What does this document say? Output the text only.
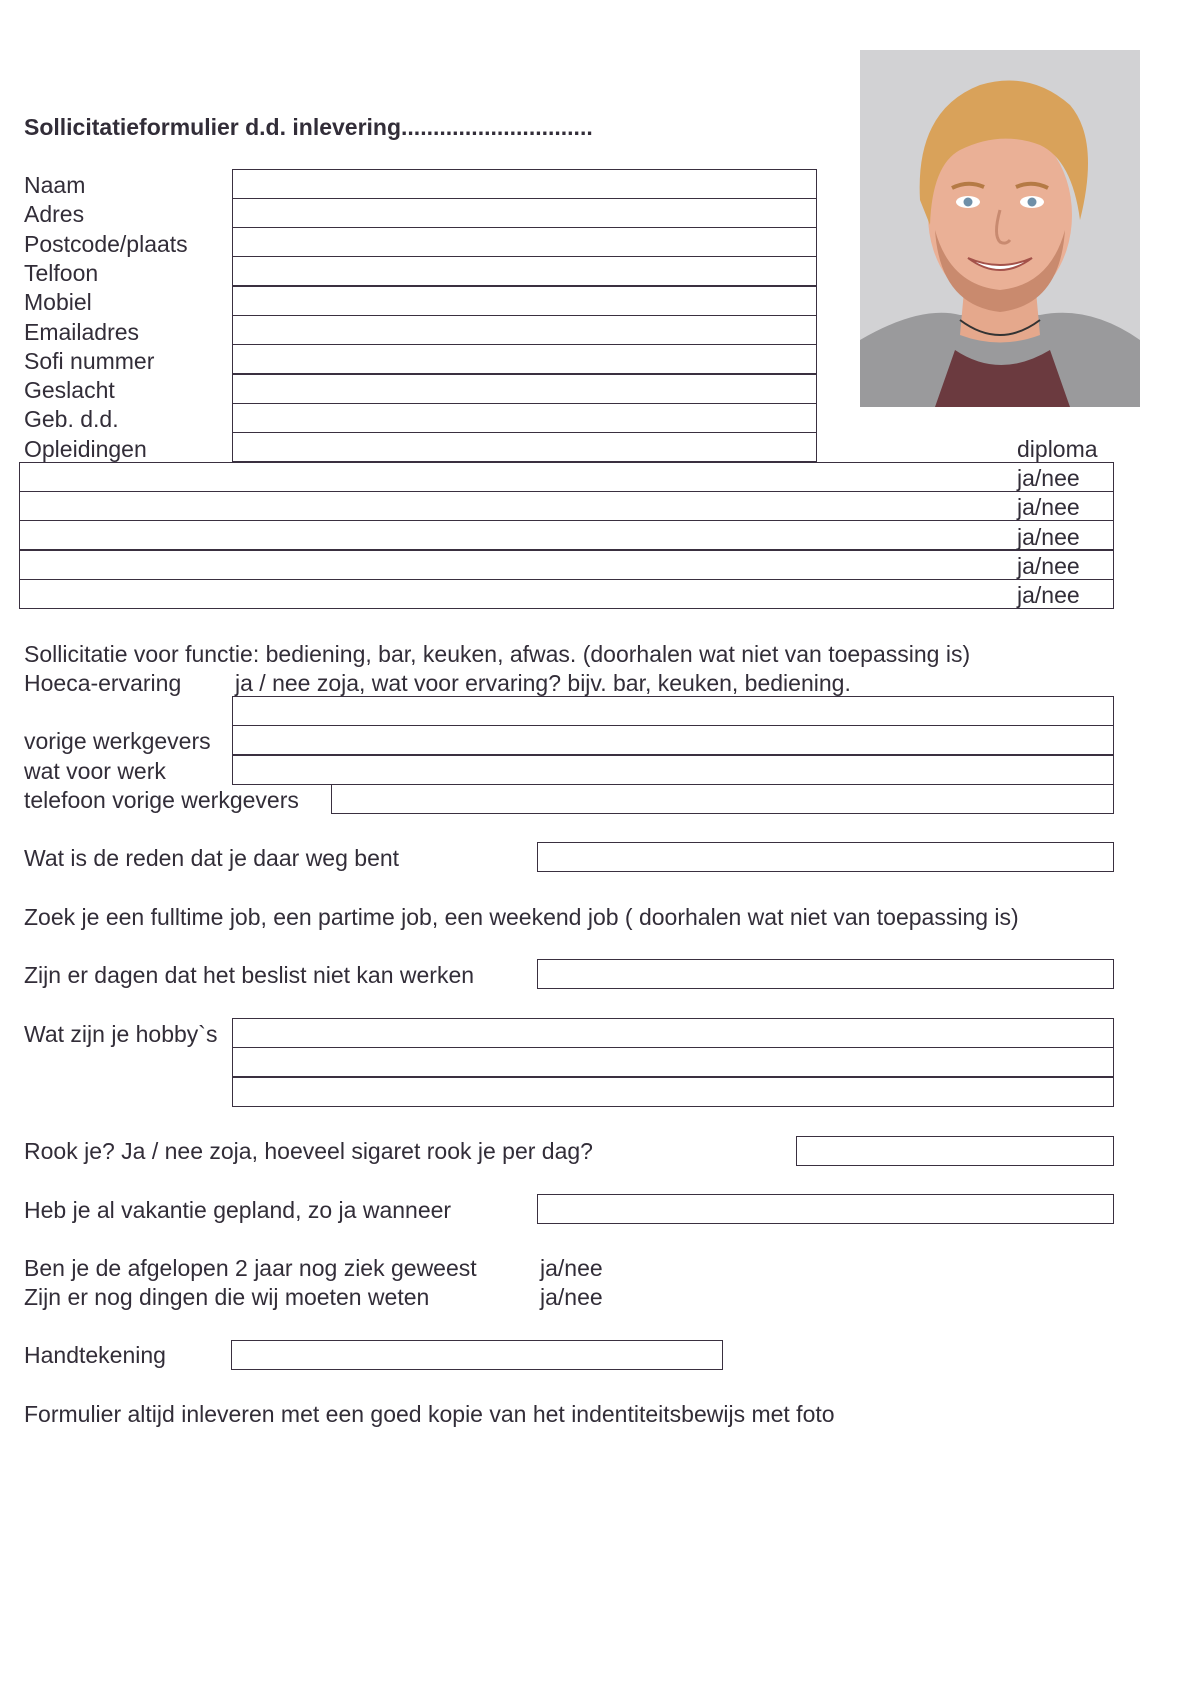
Sollicitatieformulier d.d. inlevering..............................
Naam
Adres
Postcode/plaats
Telfoon
Mobiel
Emailadres
Sofi nummer
Geslacht
Geb. d.d.
Opleidingen	diploma
ja/nee
ja/nee
ja/nee
ja/nee
ja/nee
Sollicitatie voor functie: bediening, bar, keuken, afwas. (doorhalen wat niet van toepassing is)
Hoeca-ervaring ja / nee zoja, wat voor ervaring? bijv. bar, keuken, bediening.
vorige werkgevers
wat voor werk
telefoon vorige werkgevers
Wat is de reden dat je daar weg bent
Zoek je een fulltime job, een partime job, een weekend job ( doorhalen wat niet van toepassing is)
Zijn er dagen dat het beslist niet kan werken
Wat zijn je hobby`s
Rook je? Ja / nee zoja, hoeveel sigaret rook je per dag?
Heb je al vakantie gepland, zo ja wanneer
Ben je de afgelopen 2 jaar nog ziek geweest	ja/nee
Zijn er nog dingen die wij moeten weten	ja/nee
Handtekening
Formulier altijd inleveren met een goed kopie van het indentiteitsbewijs met foto
